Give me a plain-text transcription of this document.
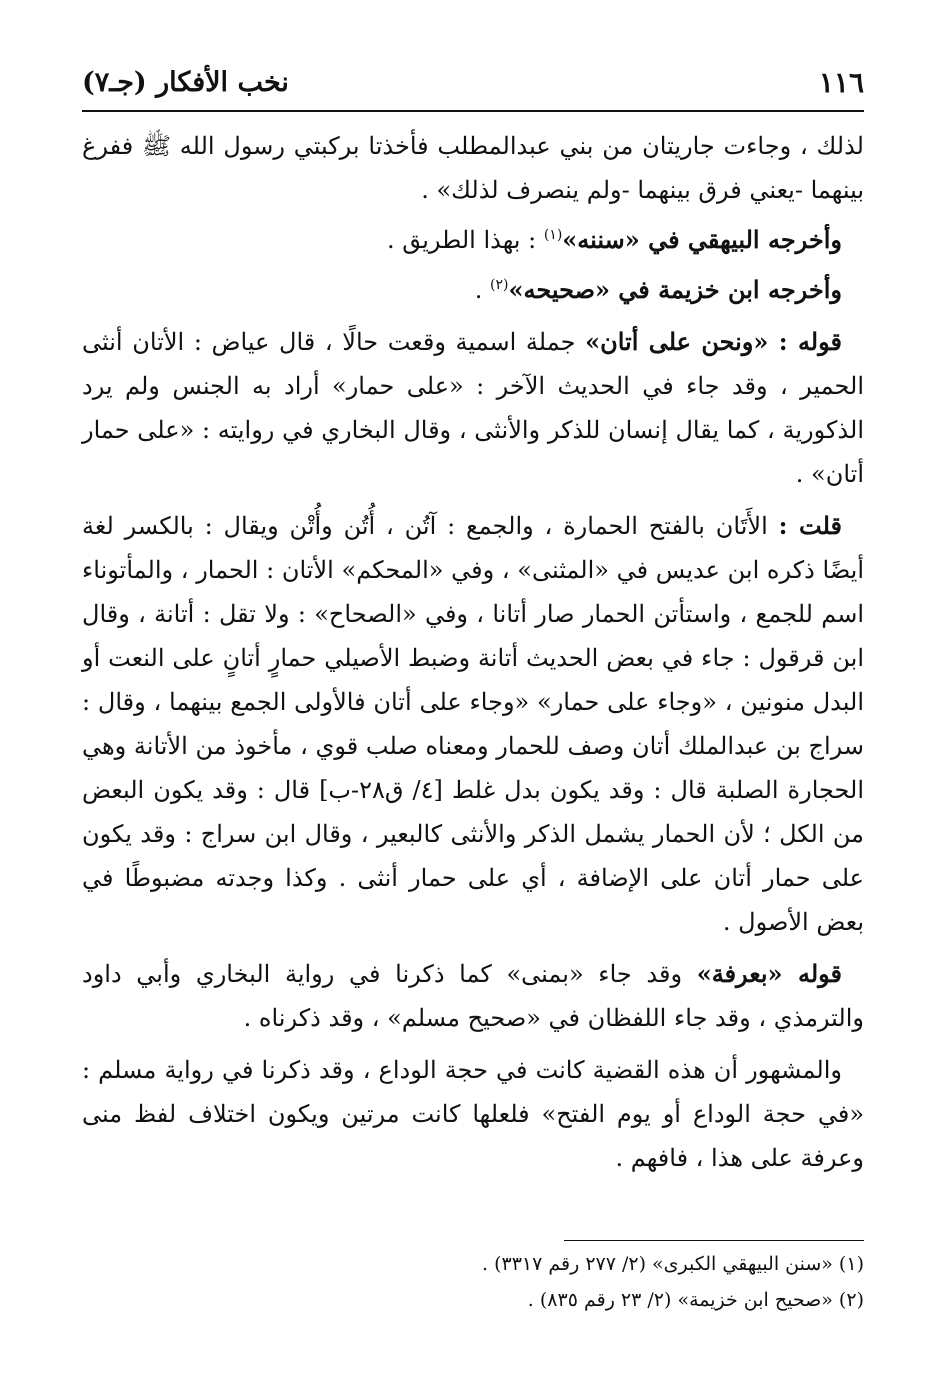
١١٦
نخب الأفكار (جـ٧)

لذلك ، وجاءت جاريتان من بني عبدالمطلب فأخذتا بركبتي رسول الله ﷺ ففرغ بينهما -يعني فرق بينهما -ولم ينصرف لذلك» .

وأخرجه البيهقي في «سننه»$^{(١)}$ : بهذا الطريق .

وأخرجه ابن خزيمة في «صحيحه»$^{(٢)}$ .

قوله : «ونحن على أتان» جملة اسمية وقعت حالًا ، قال عياض : الأتان أنثى الحمير ، وقد جاء في الحديث الآخر : «على حمار» أراد به الجنس ولم يرد الذكورية ، كما يقال إنسان للذكر والأنثى ، وقال البخاري في روايته : «على حمار أتان» .

قلت : الأَتَان بالفتح الحمارة ، والجمع : آتُن ، أُتُن وأُتْن ويقال : بالكسر لغة أيضًا ذكره ابن عديس في «المثنى» ، وفي «المحكم» الأتان : الحمار ، والمأتوناء اسم للجمع ، واستأتن الحمار صار أتانا ، وفي «الصحاح» : ولا تقل : أتانة ، وقال ابن قرقول : جاء في بعض الحديث أتانة وضبط الأصيلي حمارٍ أتانٍ على النعت أو البدل منونين ، «وجاء على حمار» «وجاء على أتان فالأولى الجمع بينهما ، وقال : سراج بن عبدالملك أتان وصف للحمار ومعناه صلب قوي ، مأخوذ من الأتانة وهي الحجارة الصلبة قال : وقد يكون بدل غلط [٤/ ق٢٨-ب] قال : وقد يكون البعض من الكل ؛ لأن الحمار يشمل الذكر والأنثى كالبعير ، وقال ابن سراج : وقد يكون على حمار أتان على الإضافة ، أي على حمار أنثى . وكذا وجدته مضبوطًا في بعض الأصول .

قوله «بعرفة» وقد جاء «بمنى» كما ذكرنا في رواية البخاري وأبي داود والترمذي ، وقد جاء اللفظان في «صحيح مسلم» ، وقد ذكرناه .

والمشهور أن هذه القضية كانت في حجة الوداع ، وقد ذكرنا في رواية مسلم : «في حجة الوداع أو يوم الفتح» فلعلها كانت مرتين ويكون اختلاف لفظ منى وعرفة على هذا ، فافهم .

(١) «سنن البيهقي الكبرى» (٢/ ٢٧٧ رقم ٣٣١٧) .

(٢) «صحيح ابن خزيمة» (٢/ ٢٣ رقم ٨٣٥) .
